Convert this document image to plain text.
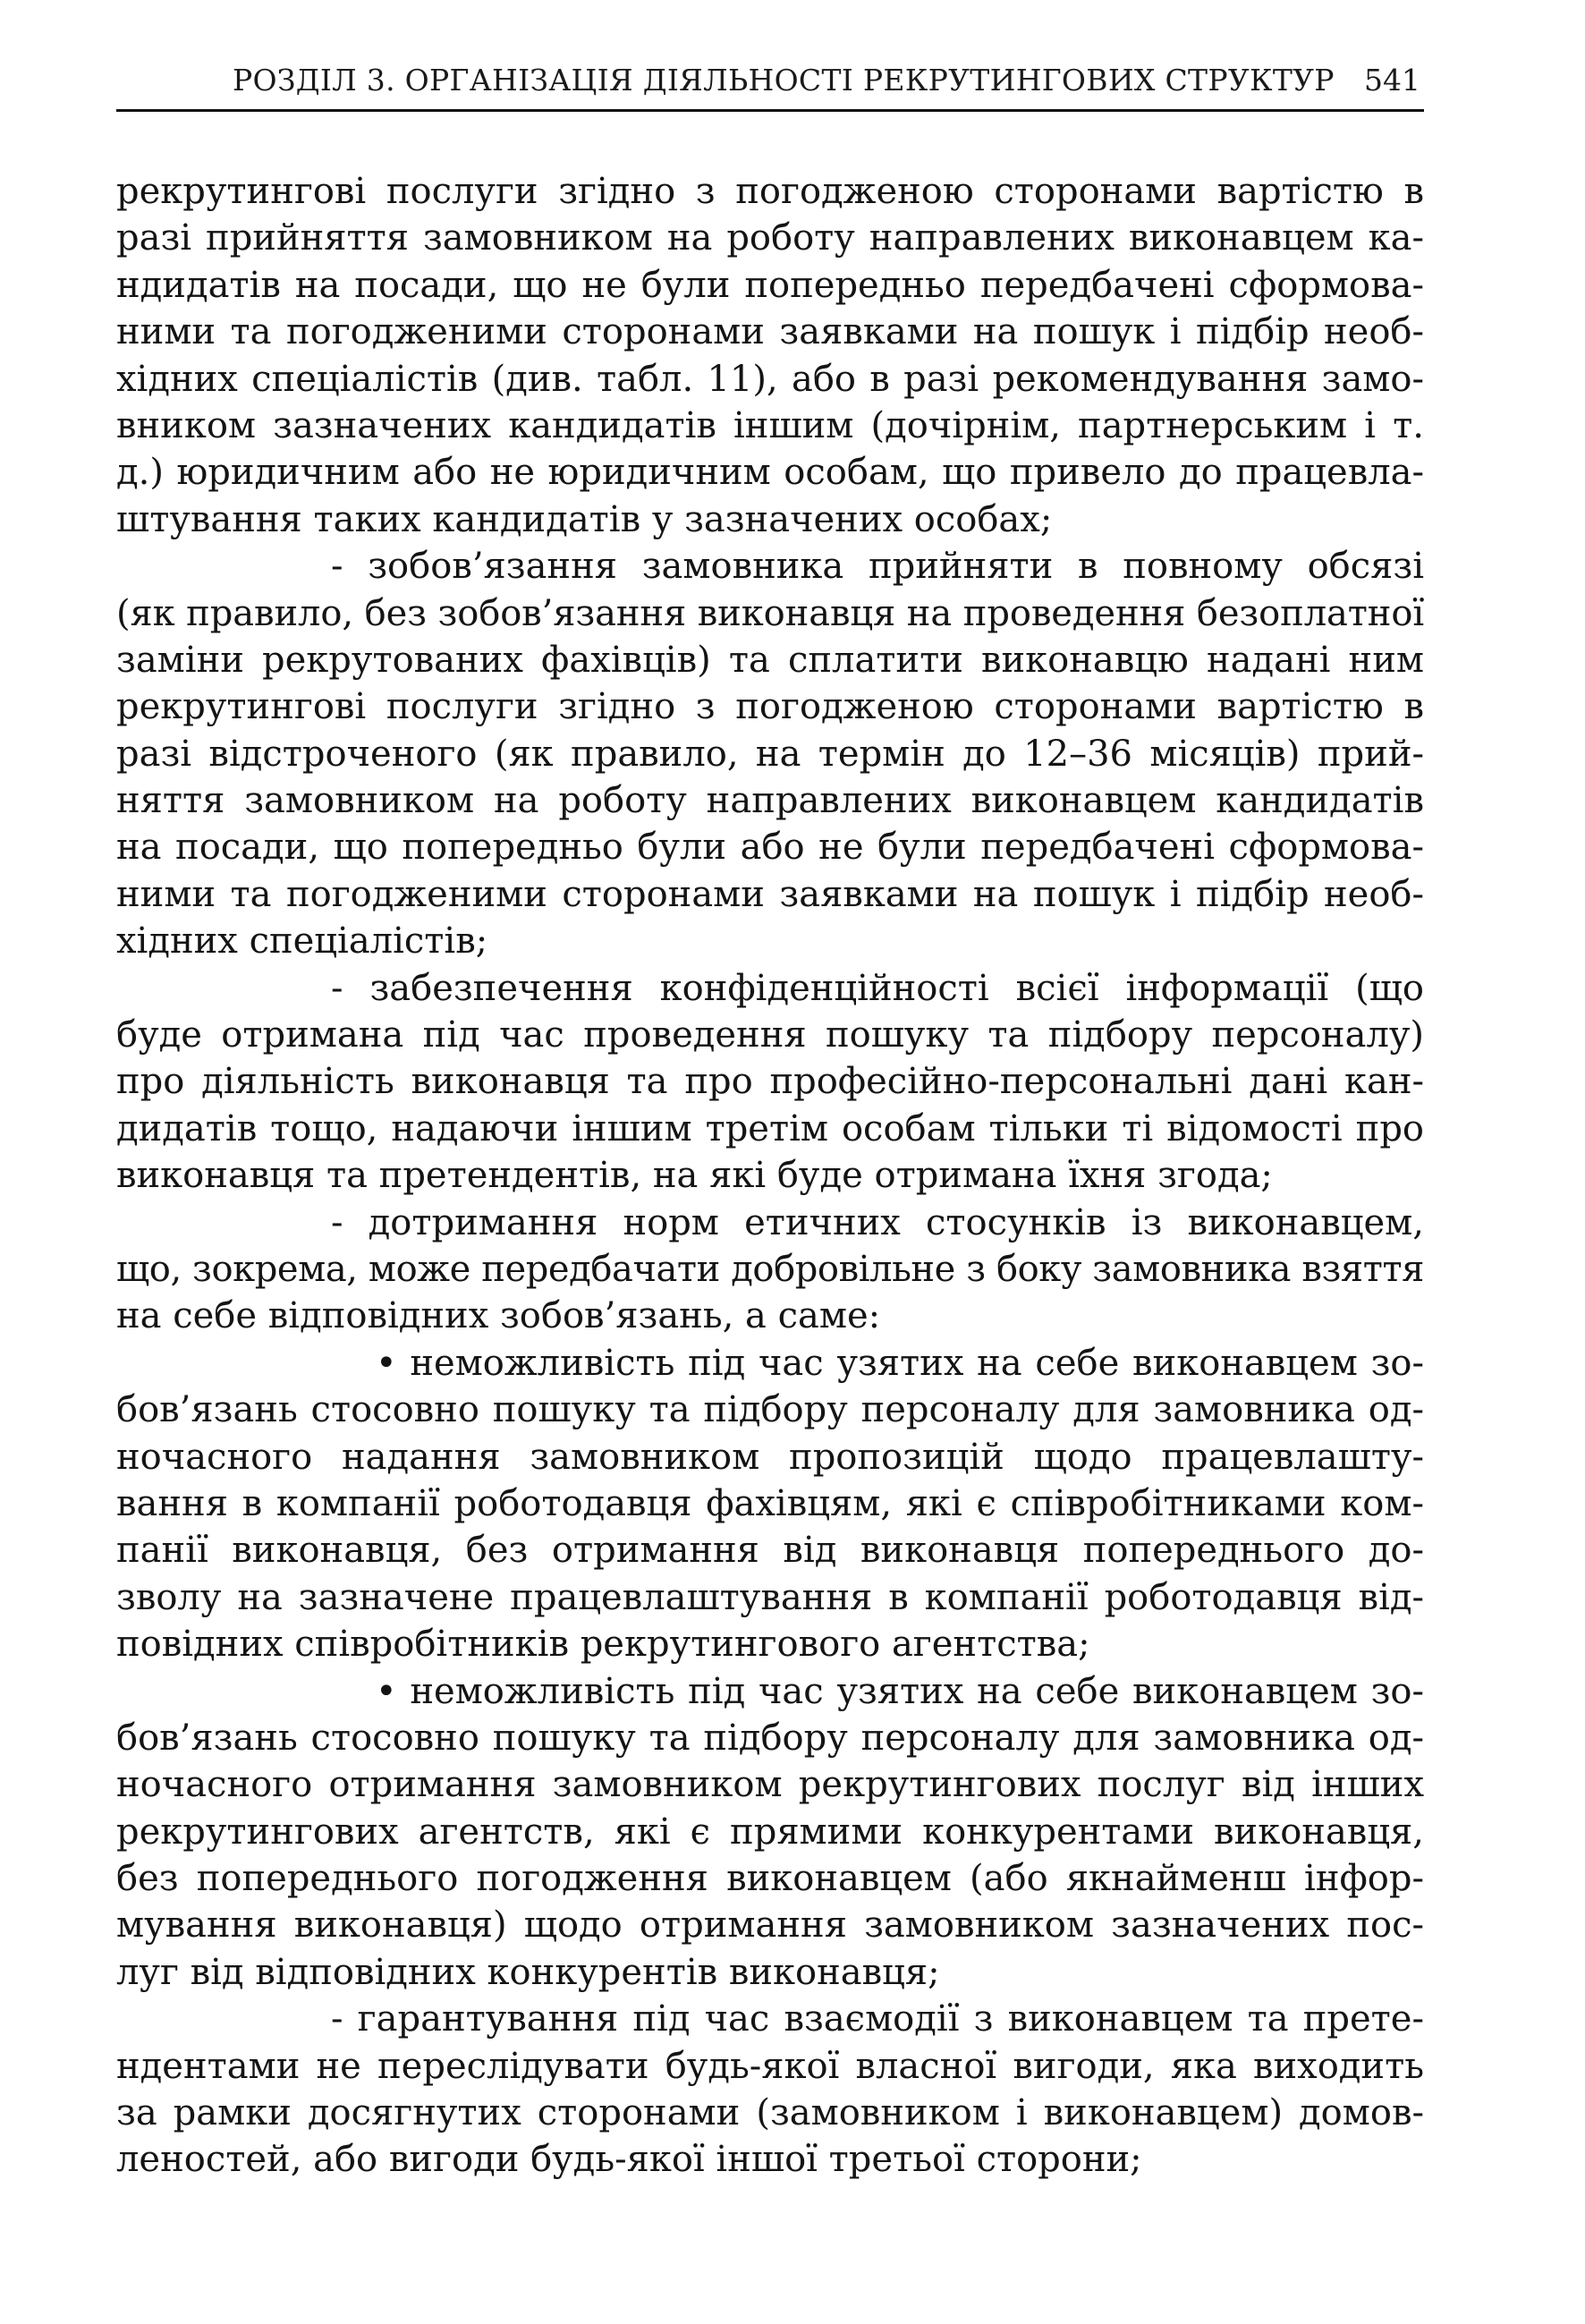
РОЗДІЛ 3. ОРГАНІЗАЦІЯ ДІЯЛЬНОСТІ РЕКРУТИНГОВИХ СТРУКТУР 541
рекрутингові послуги згідно з погодженою сторонами вартістю в
разі прийняття замовником на роботу направлених виконавцем ка-
ндидатів на посади, що не були попередньо передбачені сформова-
ними та погодженими сторонами заявками на пошук і підбір необ-
хідних спеціалістів (див. табл. 11), або в разі рекомендування замо-
вником зазначених кандидатів іншим (дочірнім, партнерським і т.
д.) юридичним або не юридичним особам, що привело до працевла-
штування таких кандидатів у зазначених особах;
- зобов’язання замовника прийняти в повному обсязі
(як правило, без зобов’язання виконавця на проведення безоплатної
заміни рекрутованих фахівців) та сплатити виконавцю надані ним
рекрутингові послуги згідно з погодженою сторонами вартістю в
разі відстроченого (як правило, на термін до 12–36 місяців) прий-
няття замовником на роботу направлених виконавцем кандидатів
на посади, що попередньо були або не були передбачені сформова-
ними та погодженими сторонами заявками на пошук і підбір необ-
хідних спеціалістів;
- забезпечення конфіденційності всієї інформації (що
буде отримана під час проведення пошуку та підбору персоналу)
про діяльність виконавця та про професійно-персональні дані кан-
дидатів тощо, надаючи іншим третім особам тільки ті відомості про
виконавця та претендентів, на які буде отримана їхня згода;
- дотримання норм етичних стосунків із виконавцем,
що, зокрема, може передбачати добровільне з боку замовника взяття
на себе відповідних зобов’язань, а саме:
• неможливість під час узятих на себе виконавцем зо-
бов’язань стосовно пошуку та підбору персоналу для замовника од-
ночасного надання замовником пропозицій щодо працевлашту-
вання в компанії роботодавця фахівцям, які є співробітниками ком-
панії виконавця, без отримання від виконавця попереднього до-
зволу на зазначене працевлаштування в компанії роботодавця від-
повідних співробітників рекрутингового агентства;
• неможливість під час узятих на себе виконавцем зо-
бов’язань стосовно пошуку та підбору персоналу для замовника од-
ночасного отримання замовником рекрутингових послуг від інших
рекрутингових агентств, які є прямими конкурентами виконавця,
без попереднього погодження виконавцем (або якнайменш інфор-
мування виконавця) щодо отримання замовником зазначених пос-
луг від відповідних конкурентів виконавця;
- гарантування під час взаємодії з виконавцем та прете-
ндентами не переслідувати будь-якої власної вигоди, яка виходить
за рамки досягнутих сторонами (замовником і виконавцем) домов-
леностей, або вигоди будь-якої іншої третьої сторони;
